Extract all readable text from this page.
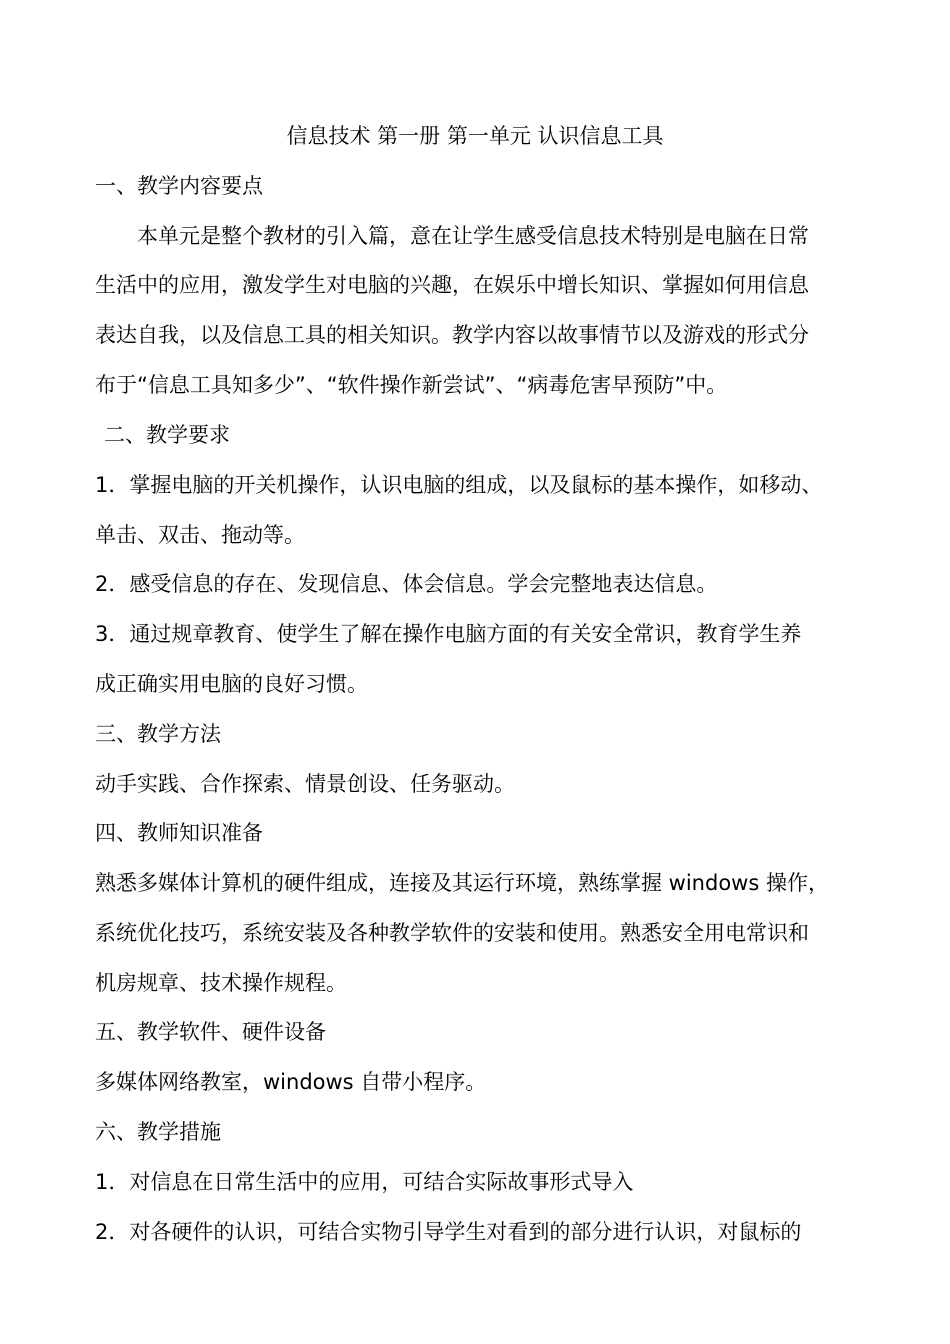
信息技术 第一册 第一单元 认识信息工具
一、教学内容要点
本单元是整个教材的引入篇，意在让学生感受信息技术特别是电脑在日常
生活中的应用，激发学生对电脑的兴趣，在娱乐中增长知识、掌握如何用信息
表达自我，以及信息工具的相关知识。教学内容以故事情节以及游戏的形式分
布于“信息工具知多少”、“软件操作新尝试”、“病毒危害早预防”中。
二、教学要求
1．掌握电脑的开关机操作，认识电脑的组成，以及鼠标的基本操作，如移动、
单击、双击、拖动等。
2．感受信息的存在、发现信息、体会信息。学会完整地表达信息。
3．通过规章教育、使学生了解在操作电脑方面的有关安全常识，教育学生养
成正确实用电脑的良好习惯。
三、教学方法
动手实践、合作探索、情景创设、任务驱动。
四、教师知识准备
熟悉多媒体计算机的硬件组成，连接及其运行环境，熟练掌握 windows 操作，
系统优化技巧，系统安装及各种教学软件的安装和使用。熟悉安全用电常识和
机房规章、技术操作规程。
五、教学软件、硬件设备
多媒体网络教室，windows 自带小程序。
六、教学措施
1．对信息在日常生活中的应用，可结合实际故事形式导入
2．对各硬件的认识，可结合实物引导学生对看到的部分进行认识，对鼠标的
